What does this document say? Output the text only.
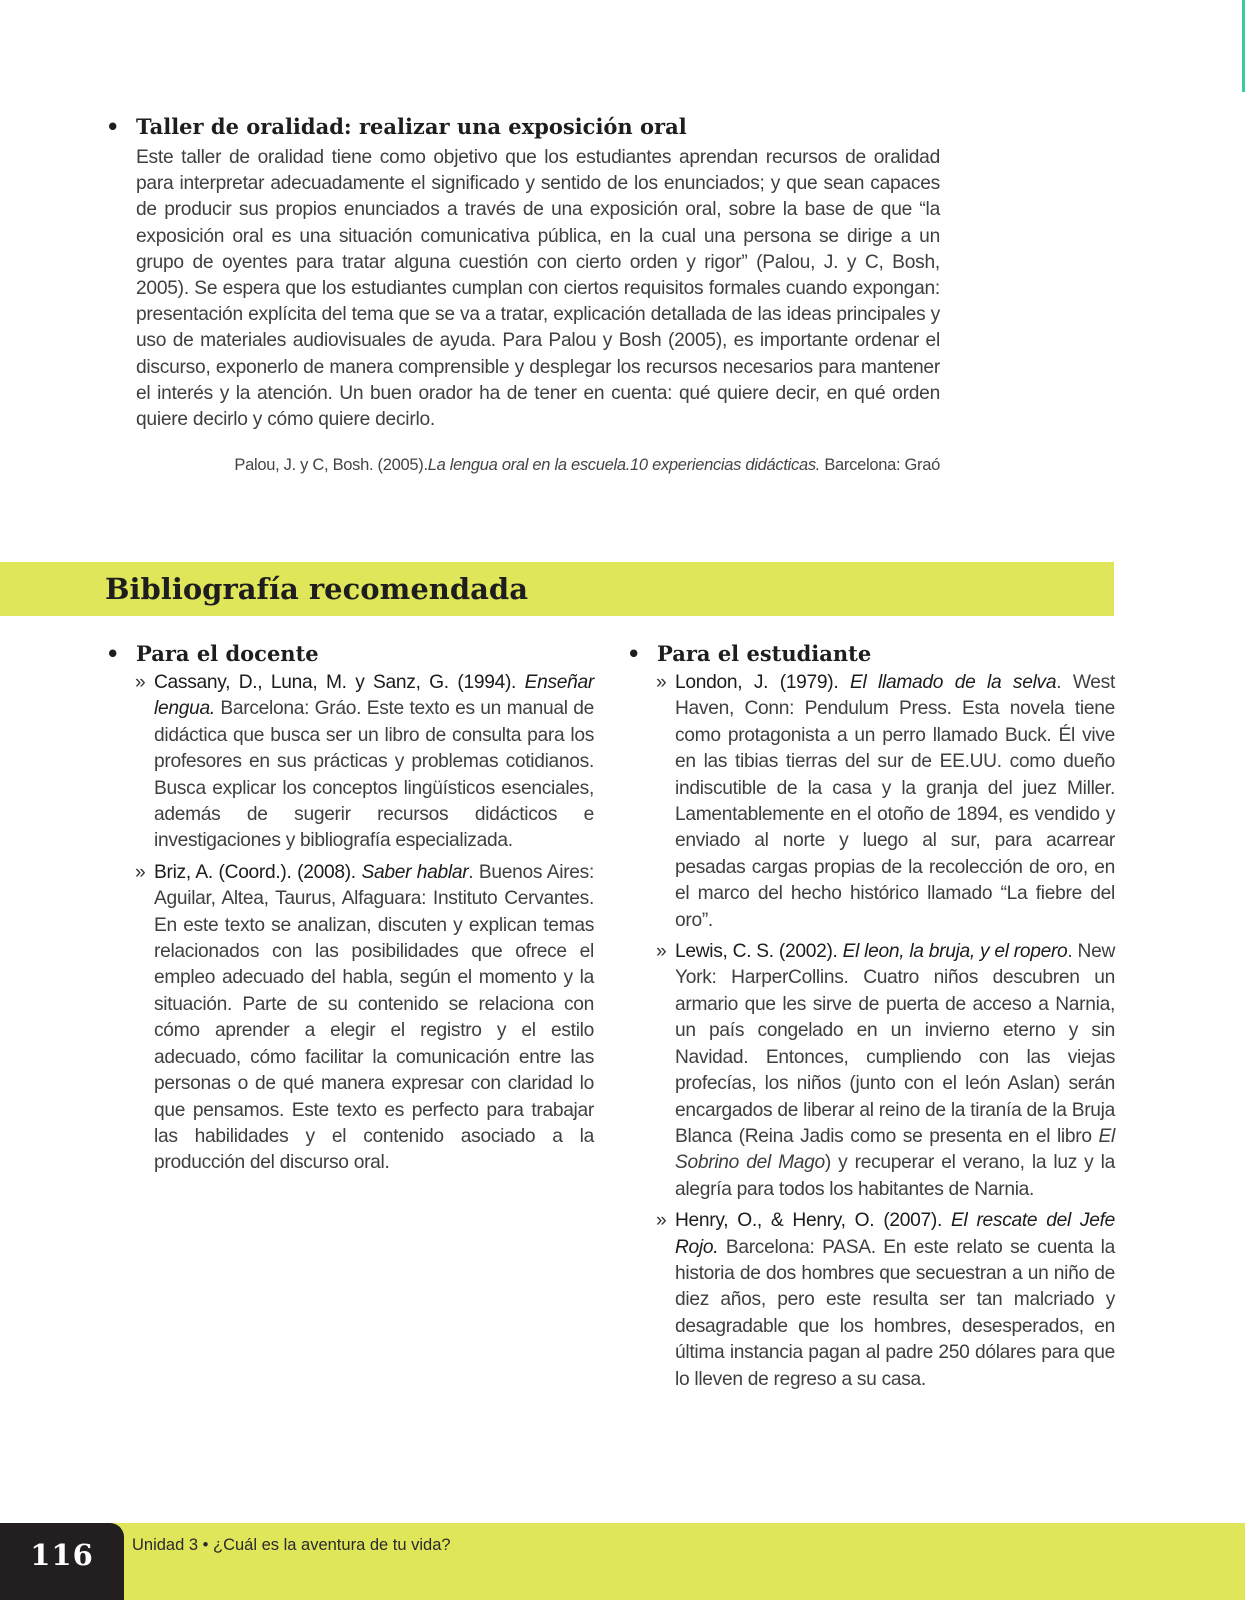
• Taller de oralidad: realizar una exposición oral

Este taller de oralidad tiene como objetivo que los estudiantes aprendan recursos de oralidad para interpretar adecuadamente el significado y sentido de los enunciados; y que sean capaces de producir sus propios enunciados a través de una exposición oral, sobre la base de que “la exposición oral es una situación comunicativa pública, en la cual una persona se dirige a un grupo de oyentes para tratar alguna cuestión con cierto orden y rigor” (Palou, J. y C, Bosh, 2005). Se espera que los estudiantes cumplan con ciertos requisitos formales cuando expongan: presentación explícita del tema que se va a tratar, explicación detallada de las ideas principales y uso de materiales audiovisuales de ayuda. Para Palou y Bosh (2005), es importante ordenar el discurso, exponerlo de manera comprensible y desplegar los recursos necesarios para mantener el interés y la atención. Un buen orador ha de tener en cuenta: qué quiere decir, en qué orden quiere decirlo y cómo quiere decirlo.

Palou, J. y C, Bosh. (2005).La lengua oral en la escuela.10 experiencias didácticas. Barcelona: Graó

Bibliografía recomendada
• Para el docente
» Cassany, D., Luna, M. y Sanz, G. (1994). Enseñar lengua. Barcelona: Gráo. Este texto es un manual de didáctica que busca ser un libro de consulta para los profesores en sus prácticas y problemas cotidianos. Busca explicar los conceptos lingüísticos esenciales, además de sugerir recursos didácticos e investigaciones y bibliografía especializada.
» Briz, A. (Coord.). (2008). Saber hablar. Buenos Aires: Aguilar, Altea, Taurus, Alfaguara: Instituto Cervantes. En este texto se analizan, discuten y explican temas relacionados con las posibilidades que ofrece el empleo adecuado del habla, según el momento y la situación. Parte de su contenido se relaciona con cómo aprender a elegir el registro y el estilo adecuado, cómo facilitar la comunicación entre las personas o de qué manera expresar con claridad lo que pensamos. Este texto es perfecto para trabajar las habilidades y el contenido asociado a la producción del discurso oral.
• Para el estudiante
» London, J. (1979). El llamado de la selva. West Haven, Conn: Pendulum Press. Esta novela tiene como protagonista a un perro llamado Buck. Él vive en las tibias tierras del sur de EE.UU. como dueño indiscutible de la casa y la granja del juez Miller. Lamentablemente en el otoño de 1894, es vendido y enviado al norte y luego al sur, para acarrear pesadas cargas propias de la recolección de oro, en el marco del hecho histórico llamado “La fiebre del oro”.
» Lewis, C. S. (2002). El leon, la bruja, y el ropero. New York: HarperCollins. Cuatro niños descubren un armario que les sirve de puerta de acceso a Narnia, un país congelado en un invierno eterno y sin Navidad. Entonces, cumpliendo con las viejas profecías, los niños (junto con el león Aslan) serán encargados de liberar al reino de la tiranía de la Bruja Blanca (Reina Jadis como se presenta en el libro El Sobrino del Mago) y recuperar el verano, la luz y la alegría para todos los habitantes de Narnia.
» Henry, O., & Henry, O. (2007). El rescate del Jefe Rojo. Barcelona: PASA. En este relato se cuenta la historia de dos hombres que secuestran a un niño de diez años, pero este resulta ser tan malcriado y desagradable que los hombres, desesperados, en última instancia pagan al padre 250 dólares para que lo lleven de regreso a su casa.
116	Unidad 3 • ¿Cuál es la aventura de tu vida?
